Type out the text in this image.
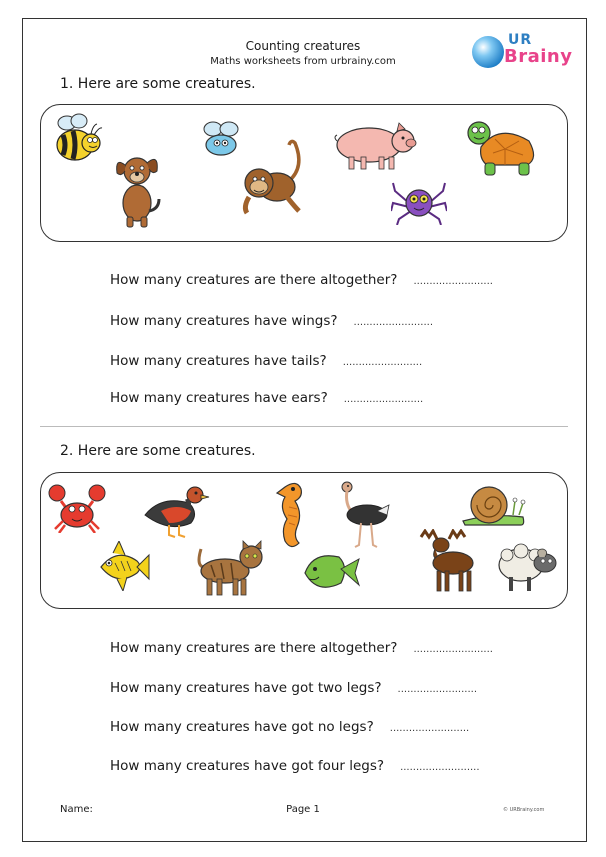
Counting creatures
Maths worksheets from urbrainy.com
UR
Brainy
1. Here are some creatures.
How many creatures are there altogether? .........................
How many creatures have wings? .........................
How many creatures have tails? .........................
How many creatures have ears? .........................
2. Here are some creatures.
How many creatures are there altogether? .........................
How many creatures have got two legs? .........................
How many creatures have got no legs? .........................
How many creatures have got four legs? .........................
Name:	Page 1	© URBrainy.com
